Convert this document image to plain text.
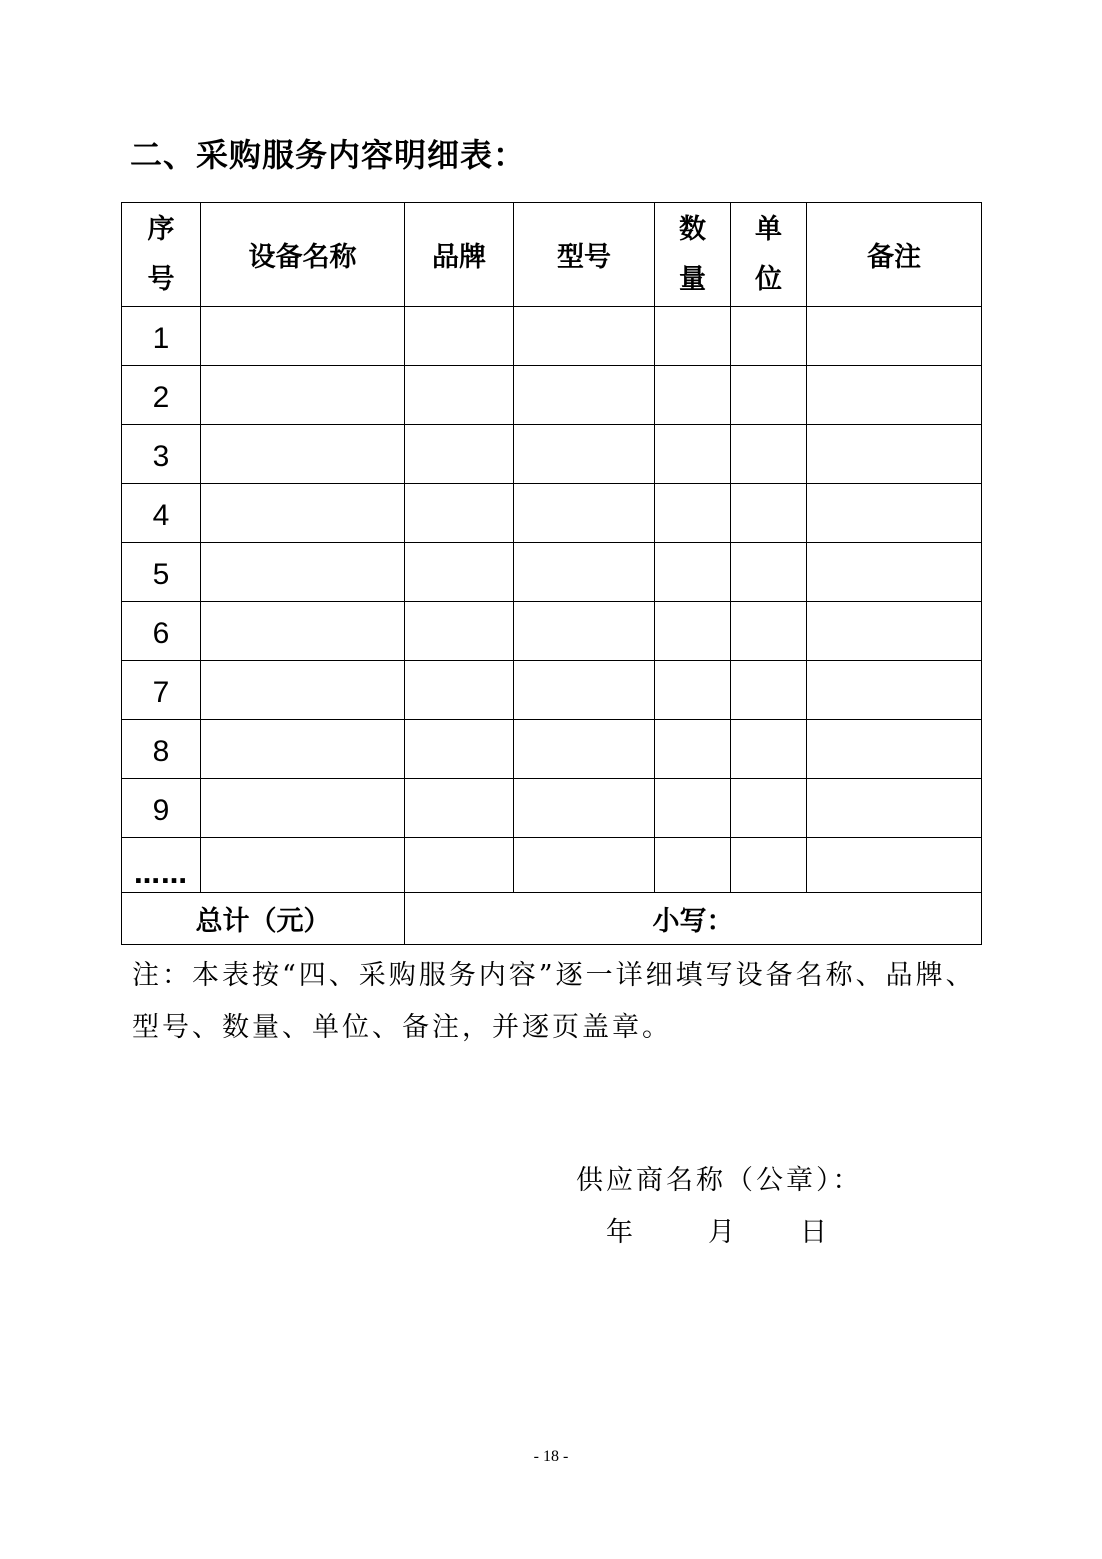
二、采购服务内容明细表：
序号	设备名称	品牌	型号	数量	单位	备注
1						
2						
3						
4						
5						
6						
7						
8						
9						
……						
总计（元）		小写：				
注：本表按“四、采购服务内容”逐一详细填写设备名称、品牌、型号、数量、单位、备注，并逐页盖章。
供应商名称（公章）：
年	月 日
- 18 -
